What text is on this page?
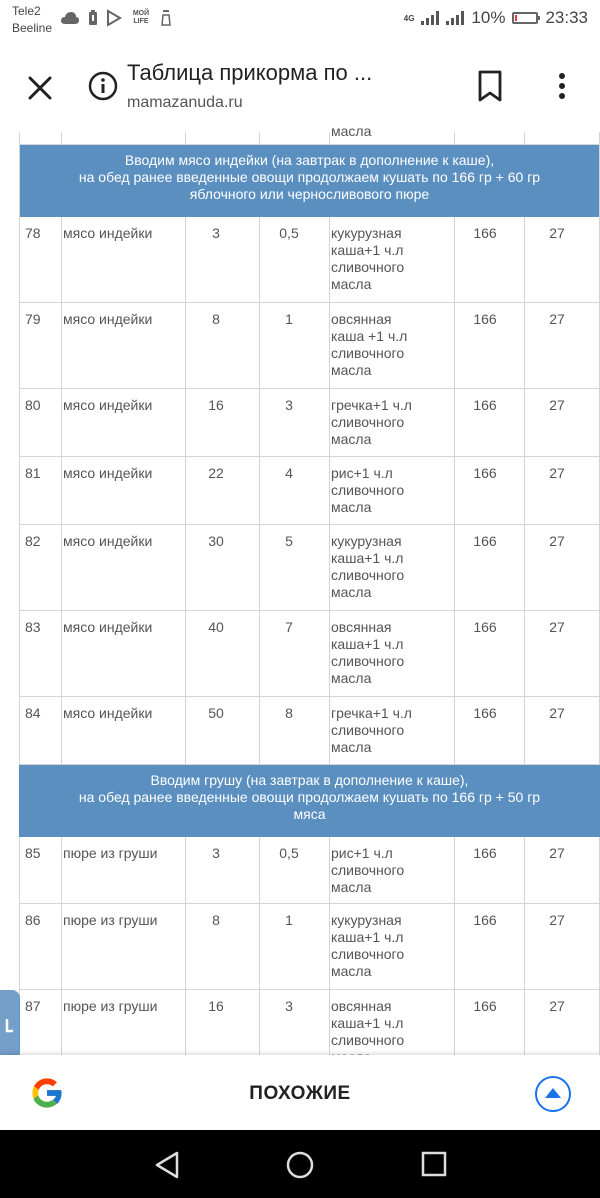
Tele2
Beeline
МОЙ LIFE	4G	10% 23:33
Таблица прикорма по ...
mamazanuda.ru
масла
Вводим мясо индейки (на завтрак в дополнение к каше),
на обед ранее введенные овощи продолжаем кушать по 166 гр + 60 гр
яблочного или черносливового пюре
78 мясо индейки	3	0,5	кукурузная
каша+1 ч.л
сливочного
масла
166	27
79 мясо индейки	8	1	овсянная
каша +1 ч.л
сливочного
масла
166	27
80 мясо индейки	16	3	гречка+1 ч.л
сливочного
масла
166	27
81 мясо индейки	22	4	рис+1 ч.л
сливочного
масла
166	27
82 мясо индейки	30	5	кукурузная
каша+1 ч.л
сливочного
масла
166	27
83 мясо индейки	40	7	овсянная
каша+1 ч.л
сливочного
масла
166	27
84 мясо индейки	50	8	гречка+1 ч.л
сливочного
масла
166	27
Вводим грушу (на завтрак в дополнение к каше),
на обед ранее введенные овощи продолжаем кушать по 166 гр + 50 гр
мяса
85 пюре из груши	3	0,5	рис+1 ч.л
сливочного
масла
166	27
86 пюре из груши	8	1	кукурузная
каша+1 ч.л
сливочного
масла
166	27
87 пюре из груши	16	3	овсянная
каша+1 ч.л
сливочного
166	27
ПОХОЖИЕ
